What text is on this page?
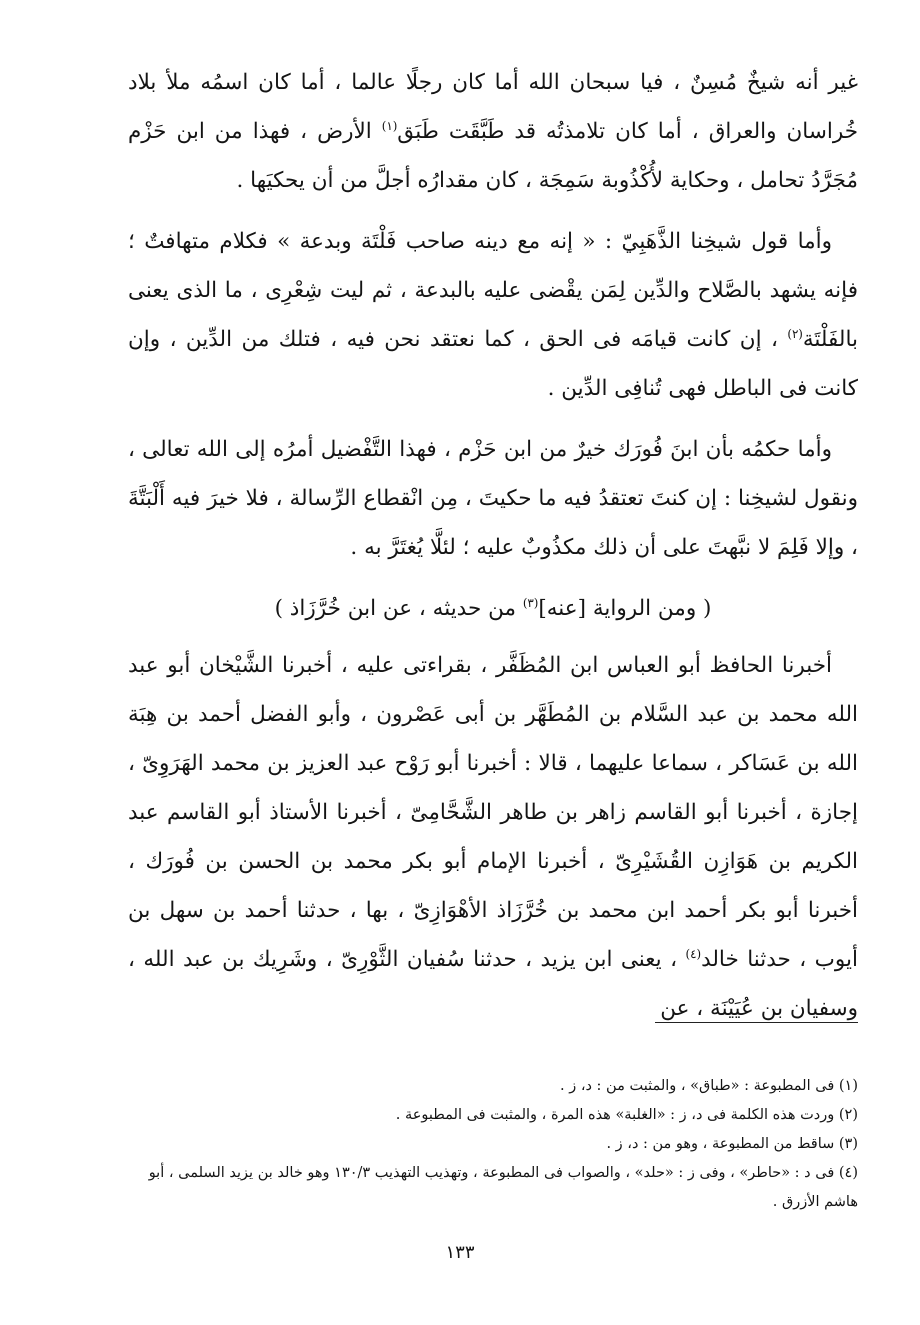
غير أنه شيخٌ مُسِنٌ ، فيا سبحان الله أما كان رجلًا عالما ، أما كان اسمُه ملأ بلاد خُراسان والعراق ، أما كان تلامذتُه قد طَبَّقَت طَبَق$^{(١)}$ الأرض ، فهذا من ابن حَزْم مُجَرَّدُ تحامل ، وحكاية لأُكْذُوبة سَمِجَة ، كان مقدارُه أجلَّ من أن يحكيَها .

وأما قول شيخِنا الذَّهَبِيّ : « إنه مع دينه صاحب فَلْتَة وبدعة » فكلام متهافتٌ ؛ فإنه يشهد بالصَّلاح والدِّين لِمَن يقْضى عليه بالبدعة ، ثم ليت شِعْرِى ، ما الذى يعنى بالفَلْتَة$^{(٢)}$ ، إن كانت قيامَه فى الحق ، كما نعتقد نحن فيه ، فتلك من الدِّين ، وإن كانت فى الباطل فهى تُنافِى الدِّين .

وأما حكمُه بأن ابنَ فُورَك خيرٌ من ابن حَزْم ، فهذا التَّفْضيل أمرُه إلى الله تعالى ، ونقول لشيخِنا : إن كنتَ تعتقدُ فيه ما حكيتَ ، مِن انْقطاع الرِّسالة ، فلا خيرَ فيه أَلْبَتَّةَ ، وإلا فَلِمَ لا نبَّهتَ على أن ذلك مكذُوبٌ عليه ؛ لئلَّا يُغتَرَّ به .

( ومن الرواية [عنه]$^{(٣)}$ من حديثه ، عن ابن خُرَّزَاذ )

أخبرنا الحافظ أبو العباس ابن المُظَفَّر ، بقراءتى عليه ، أخبرنا الشَّيْخان أبو عبد الله محمد بن عبد السَّلام بن المُطَهَّر بن أبى عَصْرون ، وأبو الفضل أحمد بن هِبَة الله بن عَسَاكر ، سماعا عليهما ، قالا : أخبرنا أبو رَوْح عبد العزيز بن محمد الهَرَوِىّ ، إجازة ، أخبرنا أبو القاسم زاهر بن طاهر الشَّحَّامِىّ ، أخبرنا الأستاذ أبو القاسم عبد الكريم بن هَوَازِن القُشَيْرِىّ ، أخبرنا الإمام أبو بكر محمد بن الحسن بن فُورَك ، أخبرنا أبو بكر أحمد ابن محمد بن خُرَّزَاذ الأهْوَازِىّ ، بها ، حدثنا أحمد بن سهل بن أيوب ، حدثنا خالد$^{(٤)}$ ، يعنى ابن يزيد ، حدثنا سُفيان الثَّوْرِىّ ، وشَرِيك بن عبد الله ، وسفيان بن عُيَيْنَة ، عن

(١) فى المطبوعة : «طباق» ، والمثبت من : د، ز .

(٢) وردت هذه الكلمة فى د، ز : «الغلبة» هذه المرة ، والمثبت فى المطبوعة .

(٣) ساقط من المطبوعة ، وهو من : د، ز .

(٤) فى د : «حاطر» ، وفى ز : «حلد» ، والصواب فى المطبوعة ، وتهذيب التهذيب ١٣٠/٣ وهو خالد بن يزيد السلمى ، أبو هاشم الأزرق .

١٣٣
